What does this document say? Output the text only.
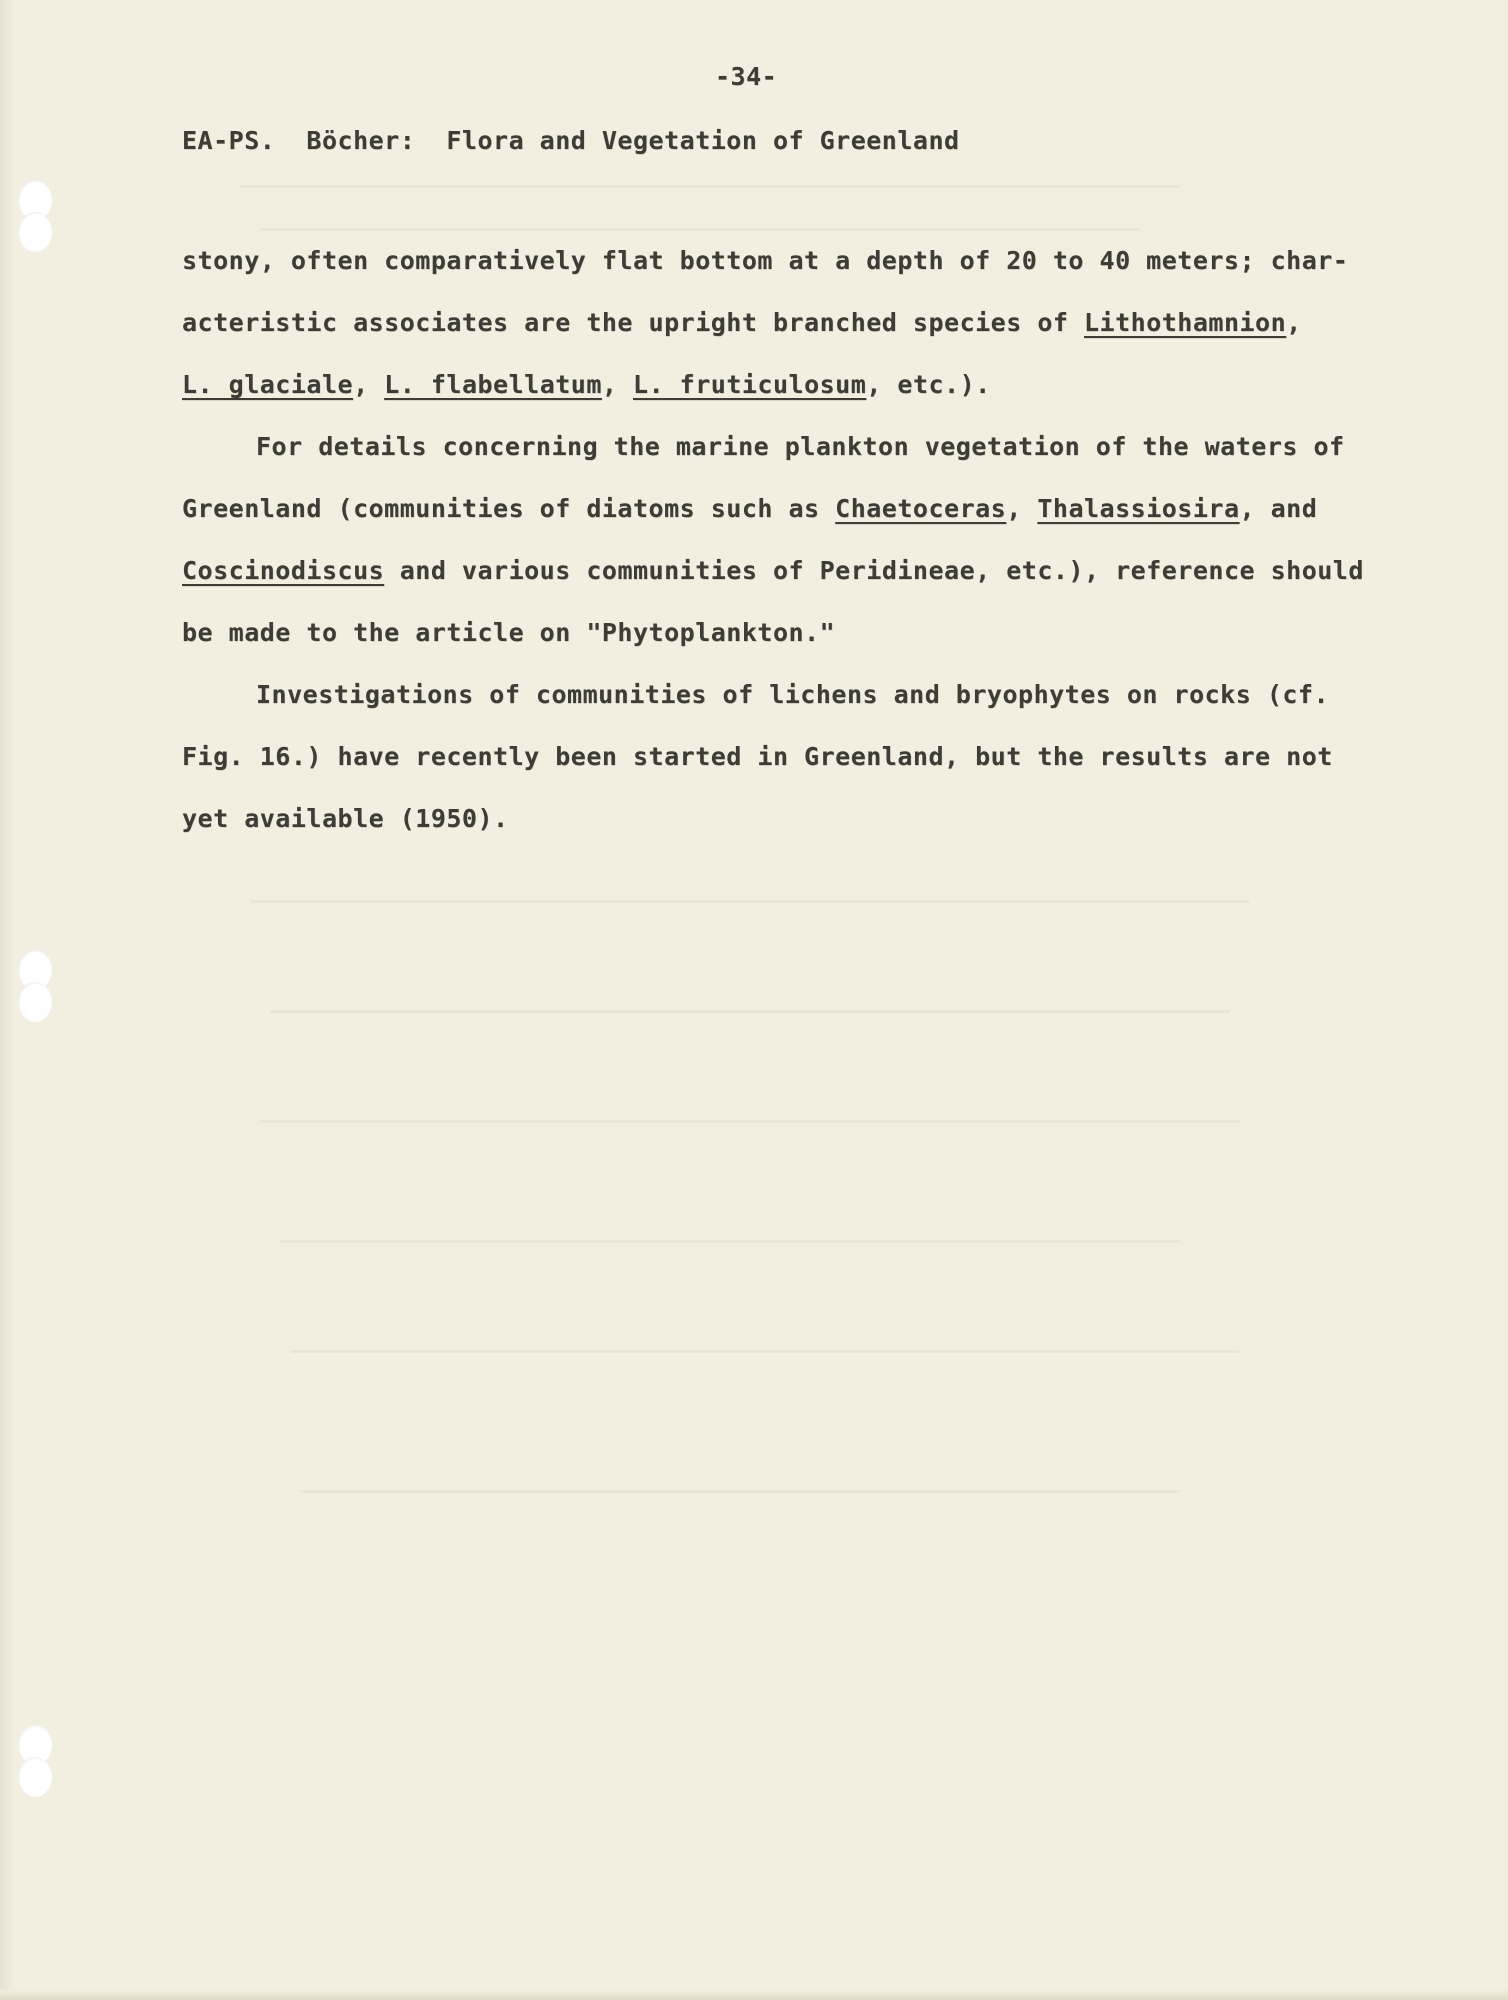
-34-
EA-PS.  Böcher:  Flora and Vegetation of Greenland
stony, often comparatively flat bottom at a depth of 20 to 40 meters; char-
acteristic associates are the upright branched species of Lithothamnion,
L. glaciale, L. flabellatum, L. fruticulosum, etc.).
For details concerning the marine plankton vegetation of the waters of
Greenland (communities of diatoms such as Chaetoceras, Thalassiosira, and
Coscinodiscus and various communities of Peridineae, etc.), reference should
be made to the article on "Phytoplankton."
Investigations of communities of lichens and bryophytes on rocks (cf.
Fig. 16.) have recently been started in Greenland, but the results are not
yet available (1950).
